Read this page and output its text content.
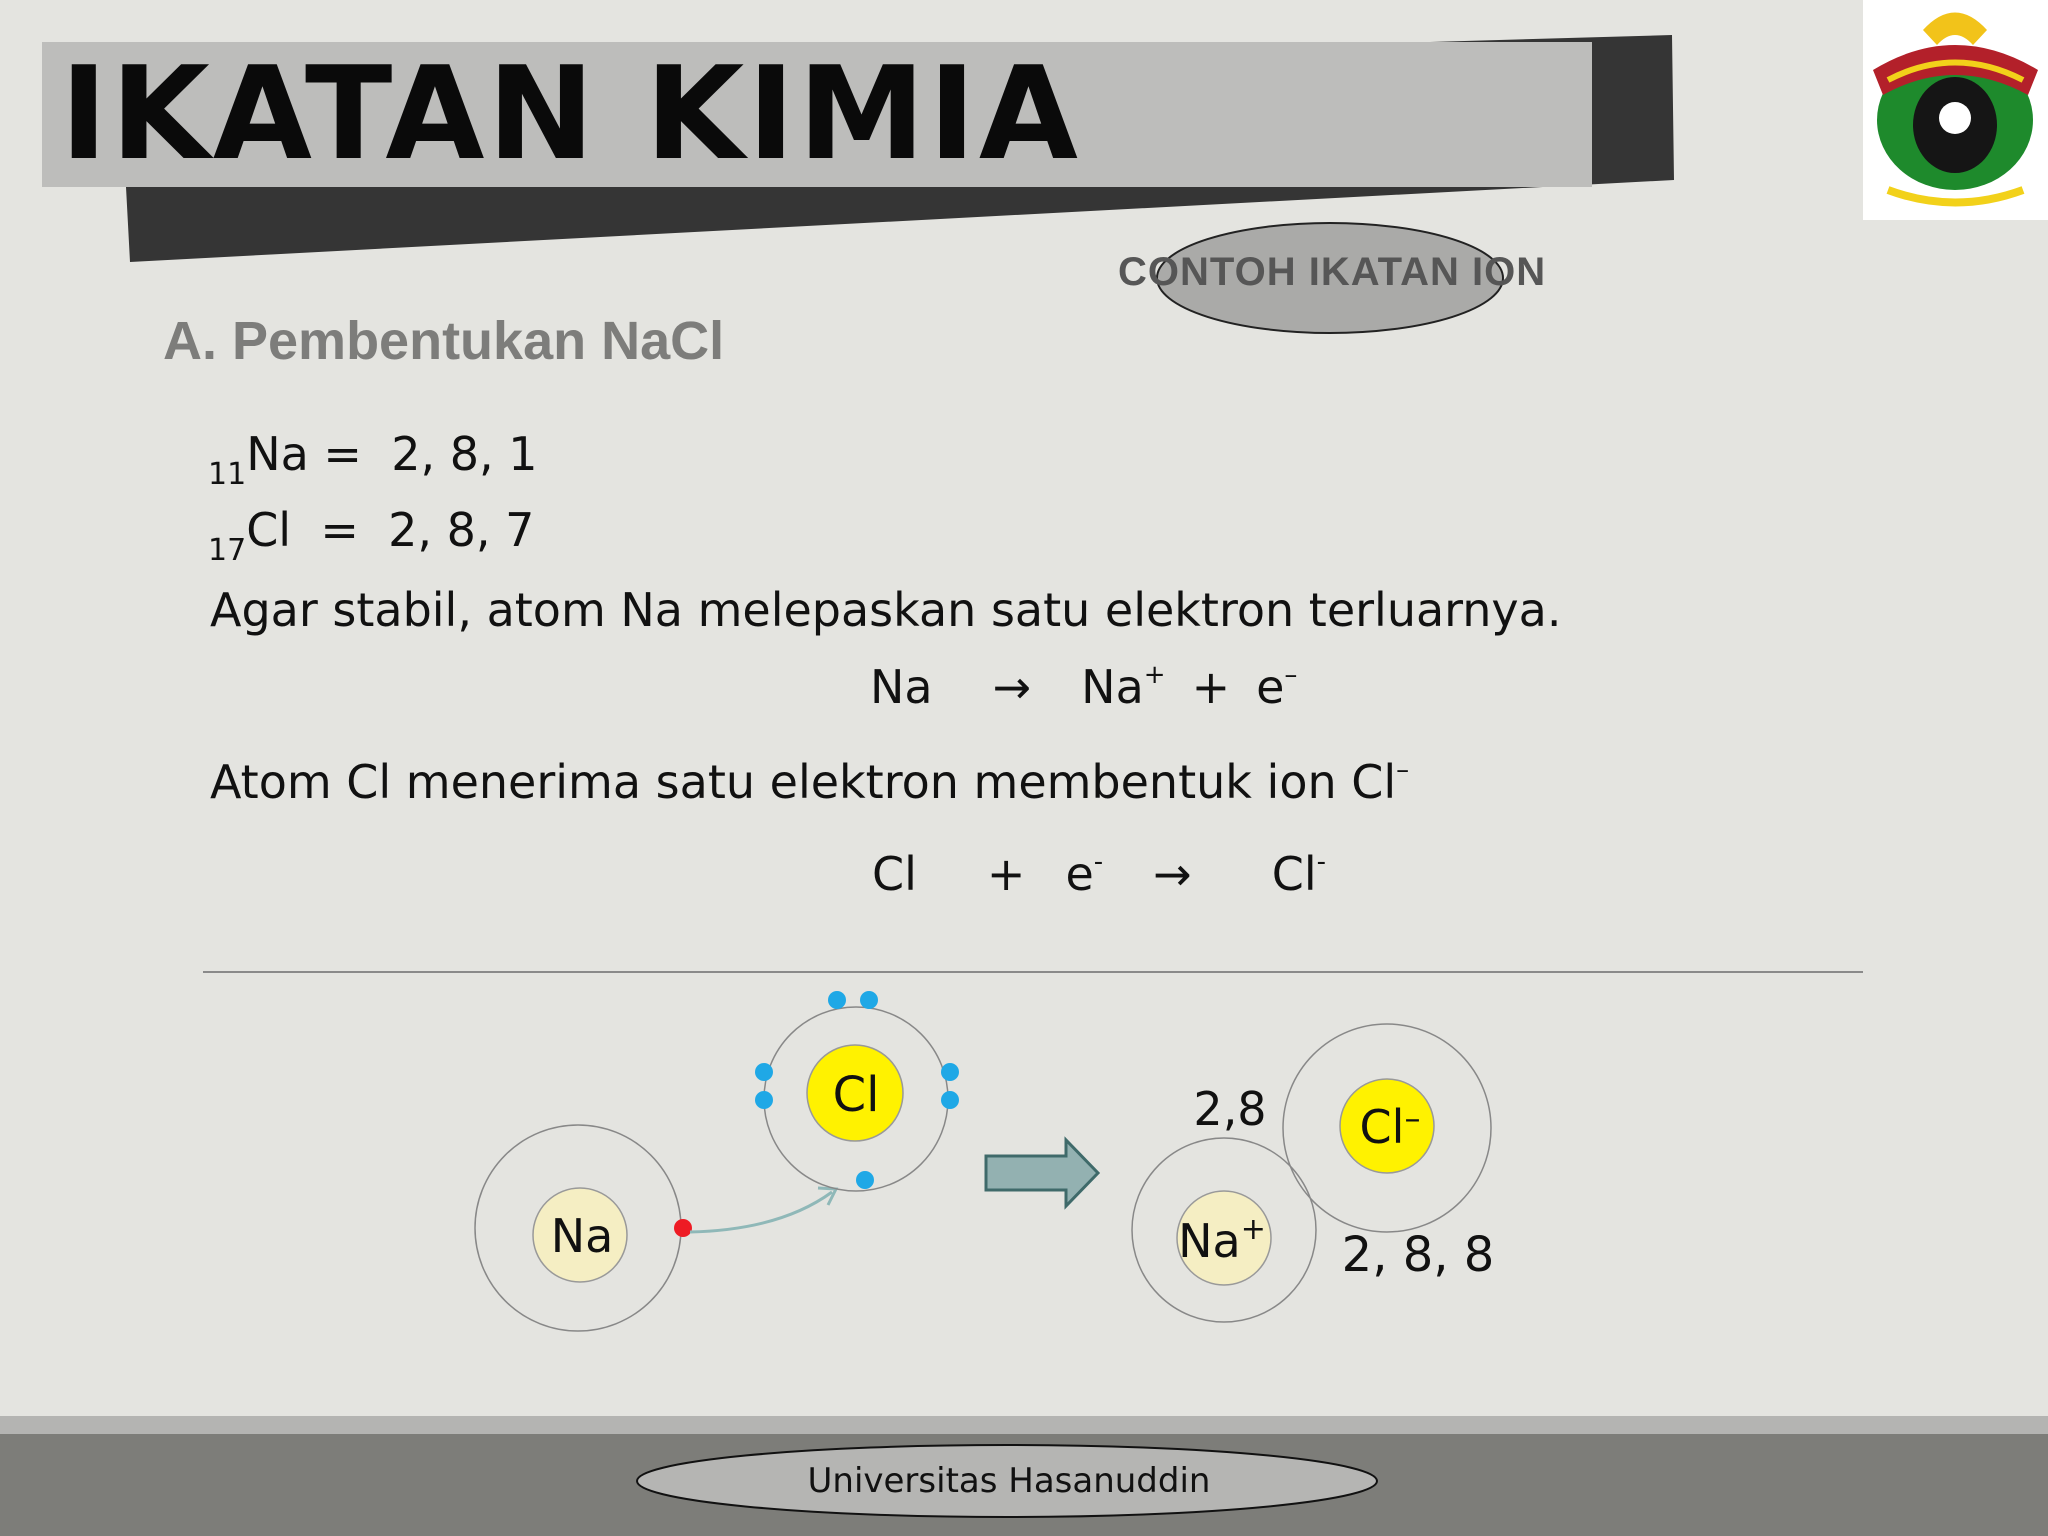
IKATAN KIMIA
CONTOH IKATAN ION
A. Pembentukan NaCl
$_{11}$Na = 2, 8, 1
$_{17}$Cl  = 2, 8, 7
Agar stabil, atom Na melepaskan satu elektron terluarnya.
Na → Na+ + e–
Atom Cl menerima satu elektron membentuk ion Cl–
Cl + e- → Cl-
Na
Cl
Na+
2,8 Cl–
2, 8, 8
Universitas Hasanuddin
